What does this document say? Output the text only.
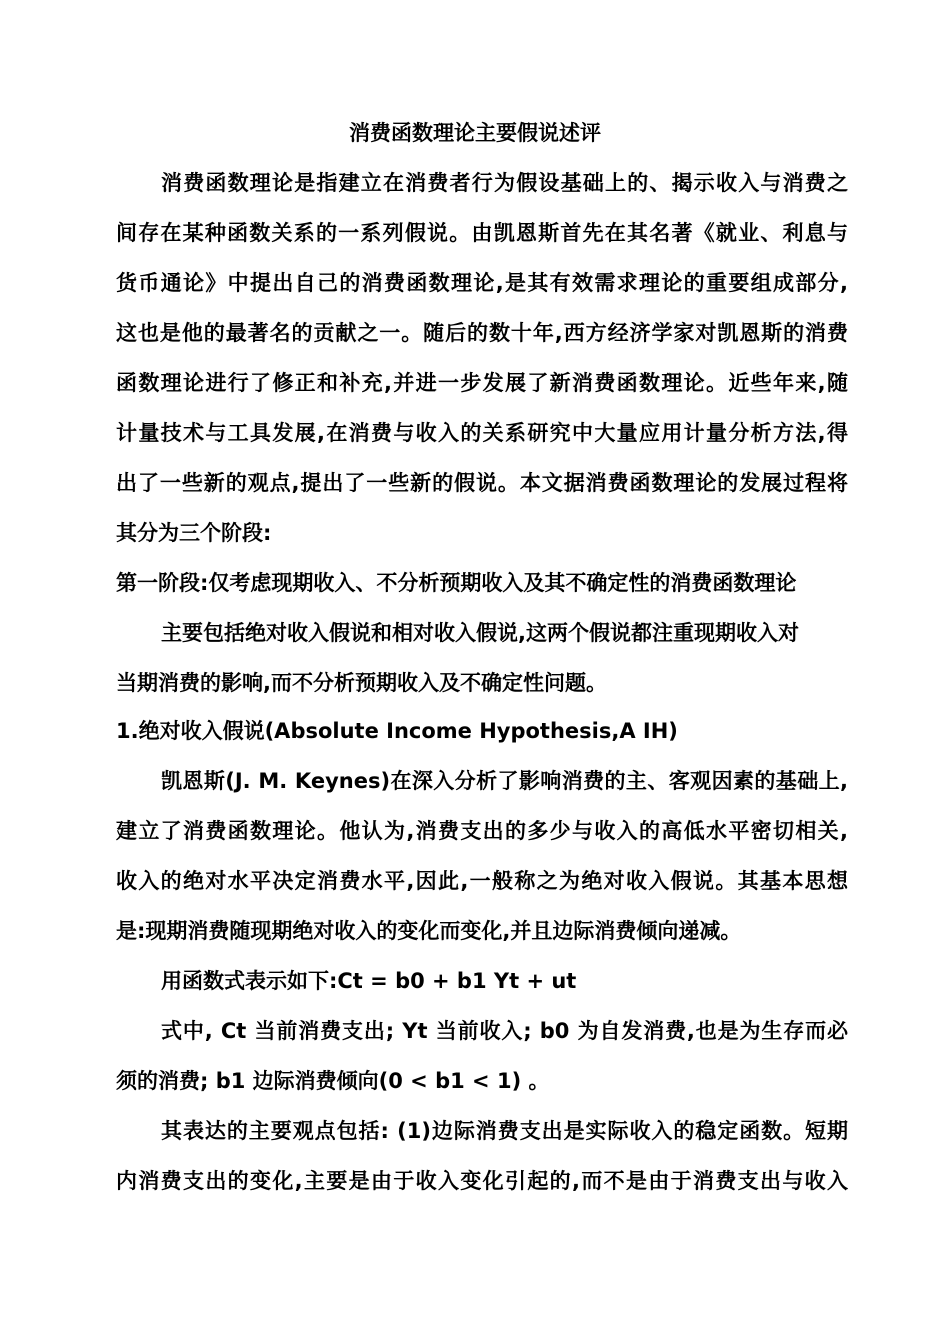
消费函数理论主要假说述评
消费函数理论是指建立在消费者行为假设基础上的、揭示收入与消费之
间存在某种函数关系的一系列假说。由凯恩斯首先在其名著《就业、利息与
货币通论》中提出自己的消费函数理论,是其有效需求理论的重要组成部分,
这也是他的最著名的贡献之一。随后的数十年,西方经济学家对凯恩斯的消费
函数理论进行了修正和补充,并进一步发展了新消费函数理论。近些年来,随
计量技术与工具发展,在消费与收入的关系研究中大量应用计量分析方法,得
出了一些新的观点,提出了一些新的假说。本文据消费函数理论的发展过程将
其分为三个阶段:
第一阶段:仅考虑现期收入、不分析预期收入及其不确定性的消费函数理论
主要包括绝对收入假说和相对收入假说,这两个假说都注重现期收入对
当期消费的影响,而不分析预期收入及不确定性问题。
1.绝对收入假说(Absolute Income Hypothesis,A IH)
凯恩斯(J. M. Keynes)在深入分析了影响消费的主、客观因素的基础上,
建立了消费函数理论。他认为,消费支出的多少与收入的高低水平密切相关,
收入的绝对水平决定消费水平,因此,一般称之为绝对收入假说。其基本思想
是:现期消费随现期绝对收入的变化而变化,并且边际消费倾向递减。
用函数式表示如下:Ct = b0 + b1 Yt + ut
式中, Ct 当前消费支出; Yt 当前收入; b0 为自发消费,也是为生存而必
须的消费; b1 边际消费倾向(0 < b1 < 1) 。
其表达的主要观点包括: (1)边际消费支出是实际收入的稳定函数。短期
内消费支出的变化,主要是由于收入变化引起的,而不是由于消费支出与收入
